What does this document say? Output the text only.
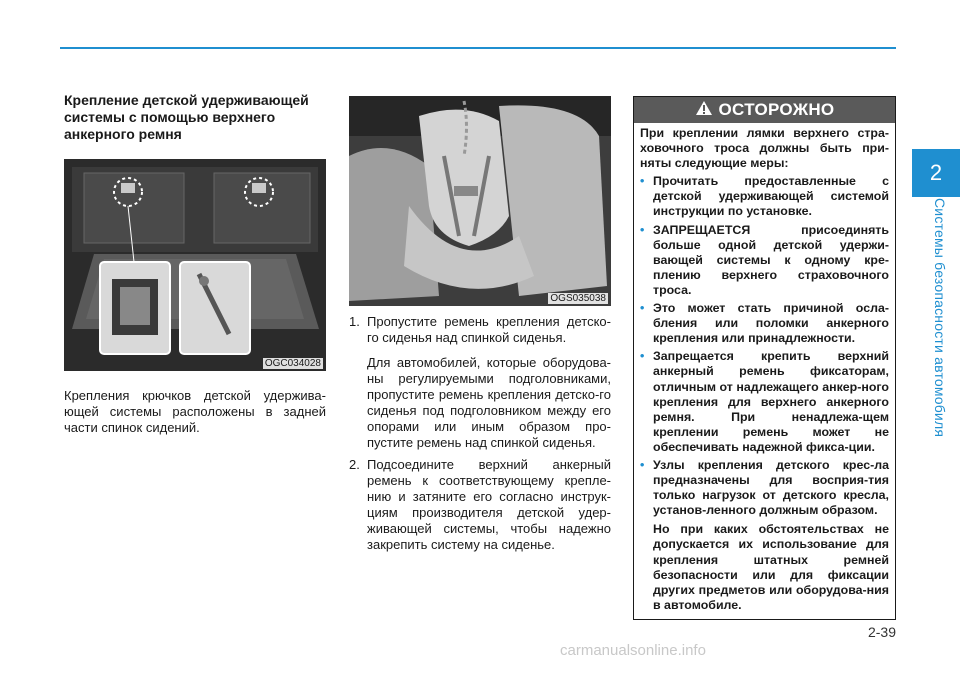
2
Системы безопасности автомобиля
Крепление детской удерживающей системы с помощью верхнего анкерного ремня
OGC034028
Крепления крючков детской удержива-ющей системы расположены в задней части спинок сидений.
OGS035038
1. Пропустите ремень крепления детско-го сиденья над спинкой сиденья.
Для автомобилей, которые оборудова-ны регулируемыми подголовниками, пропустите ремень крепления детско-го сиденья под подголовником между его опорами или иным образом про-пустите ремень над спинкой сиденья.
2. Подсоедините верхний анкерный ремень к соответствующему крепле-нию и затяните его согласно инструк-циям производителя детской удер-живающей системы, чтобы надежно закрепить систему на сиденье.
ОСТОРОЖНО

При креплении лямки верхнего стра-ховочного троса должны быть при-няты следующие меры:

• Прочитать предоставленные с детской удерживающей системой инструкции по установке.
• ЗАПРЕЩАЕТСЯ присоединять больше одной детской удержи-вающей системы к одному кре-плению верхнего страховочного троса.
• Это может стать причиной осла-бления или поломки анкерного крепления или принадлежности.
• Запрещается крепить верхний анкерный ремень фиксаторам, отличным от надлежащего анкер-ного крепления для верхнего анкерного ремня. При ненадлежа-щем креплении ремень может не обеспечивать надежной фикса-ции.
• Узлы крепления детского крес-ла предназначены для восприя-тия только нагрузок от детского кресла, установ-ленного должным образом.
Но при каких обстоятельствах не допускается их использование для крепления штатных ремней безопасности или для фиксации других предметов или оборудова-ния в автомобиле.
2-39
carmanualsonline.info
